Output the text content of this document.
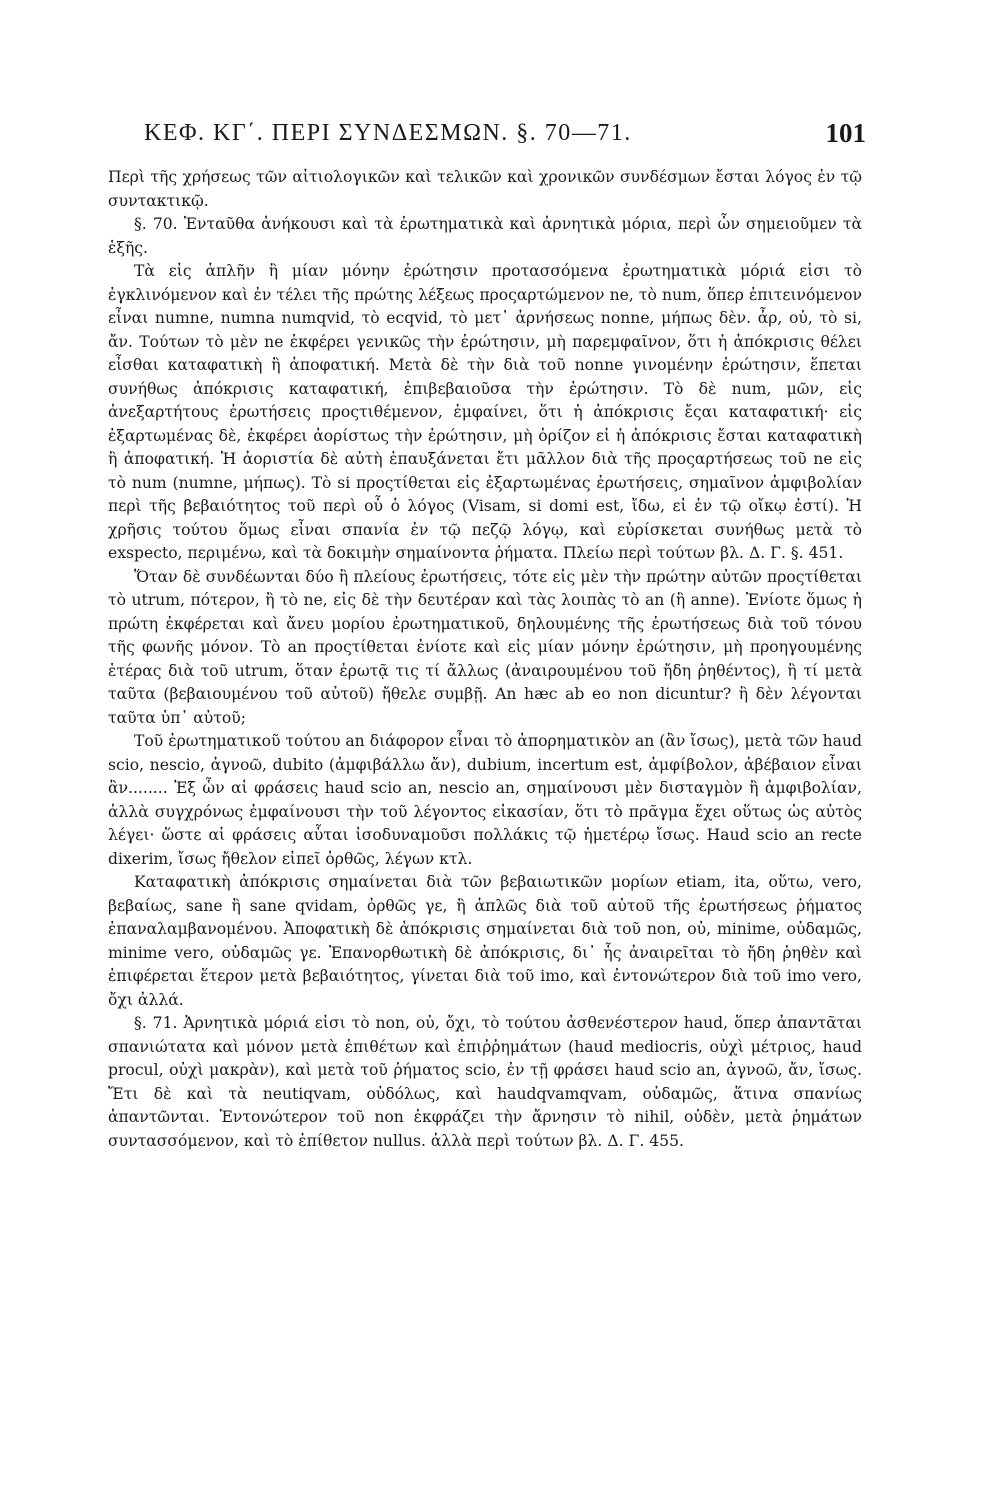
ΚΕΦ. ΚΓ΄. ΠΕΡΙ ΣΥΝΔΕΣΜΩΝ. §. 70—71.	101

Περὶ τῆς χρήσεως τῶν αἰτιολογικῶν καὶ τελικῶν καὶ χρονικῶν συνδέσμων ἔσται λόγος ἐν τῷ συντακτικῷ.

§. 70. Ἐνταῦθα ἀνήκουσι καὶ τὰ ἐρωτηματικὰ καὶ ἀρνητικὰ μόρια, περὶ ὧν σημειοῦμεν τὰ ἑξῆς.

Τὰ εἰς ἁπλῆν ἢ μίαν μόνην ἐρώτησιν προτασσόμενα ἐρωτηματικὰ μόριά εἰσι τὸ ἐγκλινόμενον καὶ ἐν τέλει τῆς πρώτης λέξεως προςαρτώμενον ne, τὸ num, ὅπερ ἐπιτεινόμενον εἶναι numne, numna numqvid, τὸ ecqvid, τὸ μετ᾽ ἀρνήσεως nonne, μήπως δὲν. ἆρ, οὐ, τὸ si, ἄν. Τούτων τὸ μὲν ne ἐκφέρει γενικῶς τὴν ἐρώτησιν, μὴ παρεμφαῖνον, ὅτι ἡ ἀπόκρισις θέλει εἶσθαι καταφατικὴ ἢ ἀποφατική. Μετὰ δὲ τὴν διὰ τοῦ nonne γινομένην ἐρώτησιν, ἕπεται συνήθως ἀπόκρισις καταφατική, ἐπιβεβαιοῦσα τὴν ἐρώτησιν. Τὸ δὲ num, μῶν, εἰς ἀνεξαρτήτους ἐρωτήσεις προςτιθέμενον, ἐμφαίνει, ὅτι ἡ ἀπόκρισις ἔςαι καταφατική· εἰς ἐξαρτωμένας δὲ, ἐκφέρει ἀορίστως τὴν ἐρώτησιν, μὴ ὁρίζον εἰ ἡ ἀπόκρισις ἔσται καταφατικὴ ἢ ἀποφατική. Ἡ ἀοριστία δὲ αὐτὴ ἐπαυξάνεται ἔτι μᾶλλον διὰ τῆς προςαρτήσεως τοῦ ne εἰς τὸ num (numne, μήπως). Τὸ si προςτίθεται εἰς ἐξαρτωμένας ἐρωτήσεις, σημαῖνον ἀμφιβολίαν περὶ τῆς βεβαιότητος τοῦ περὶ οὗ ὁ λόγος (Visam, si domi est, ἴδω, εἰ ἐν τῷ οἴκῳ ἐστί). Ἡ χρῆσις τούτου ὅμως εἶναι σπανία ἐν τῷ πεζῷ λόγῳ, καὶ εὑρίσκεται συνήθως μετὰ τὸ exspecto, περιμένω, καὶ τὰ δοκιμὴν σημαίνοντα ῥήματα. Πλείω περὶ τούτων βλ. Δ. Γ. §. 451.

Ὅταν δὲ συνδέωνται δύο ἢ πλείους ἐρωτήσεις, τότε εἰς μὲν τὴν πρώτην αὐτῶν προςτίθεται τὸ utrum, πότερον, ἢ τὸ ne, εἰς δὲ τὴν δευτέραν καὶ τὰς λοιπὰς τὸ an (ἢ anne). Ἐνίοτε ὅμως ἡ πρώτη ἐκφέρεται καὶ ἄνευ μορίου ἐρωτηματικοῦ, δηλουμένης τῆς ἐρωτήσεως διὰ τοῦ τόνου τῆς φωνῆς μόνον. Τὸ an προςτίθεται ἐνίοτε καὶ εἰς μίαν μόνην ἐρώτησιν, μὴ προηγουμένης ἑτέρας διὰ τοῦ utrum, ὅταν ἐρωτᾷ τις τί ἄλλως (ἀναιρουμένου τοῦ ἤδη ῥηθέντος), ἢ τί μετὰ ταῦτα (βεβαιουμένου τοῦ αὐτοῦ) ἤθελε συμβῇ. An hæc ab eo non dicuntur? ἢ δὲν λέγονται ταῦτα ὑπ᾽ αὐτοῦ;

Τοῦ ἐρωτηματικοῦ τούτου an διάφορον εἶναι τὸ ἀπορηματικὸν an (ἂν ἴσως), μετὰ τῶν haud scio, nescio, ἀγνοῶ, dubito (ἀμφιβάλλω ἄν), dubium, incertum est, ἀμφίβολον, ἀβέβαιον εἶναι ἂν........ Ἐξ ὧν αἱ φράσεις haud scio an, nescio an, σημαίνουσι μὲν δισταγμὸν ἢ ἀμφιβολίαν, ἀλλὰ συγχρόνως ἐμφαίνουσι τὴν τοῦ λέγοντος εἰκασίαν, ὅτι τὸ πρᾶγμα ἔχει οὕτως ὡς αὐτὸς λέγει· ὥστε αἱ φράσεις αὗται ἰσοδυναμοῦσι πολλάκις τῷ ἡμετέρῳ ἴσως. Haud scio an recte dixerim, ἴσως ἤθελον εἰπεῖ ὀρθῶς, λέγων κτλ.

Καταφατικὴ ἀπόκρισις σημαίνεται διὰ τῶν βεβαιωτικῶν μορίων etiam, ita, οὕτω, vero, βεβαίως, sane ἢ sane qvidam, ὀρθῶς γε, ἢ ἁπλῶς διὰ τοῦ αὐτοῦ τῆς ἐρωτήσεως ῥήματος ἐπαναλαμβανομένου. Ἀποφατικὴ δὲ ἀπόκρισις σημαίνεται διὰ τοῦ non, οὐ, minime, οὐδαμῶς, minime vero, οὐδαμῶς γε. Ἐπανορθωτικὴ δὲ ἀπόκρισις, δι᾽ ἧς ἀναιρεῖται τὸ ἤδη ῥηθὲν καὶ ἐπιφέρεται ἕτερον μετὰ βεβαιότητος, γίνεται διὰ τοῦ imo, καὶ ἐντονώτερον διὰ τοῦ imo vero, ὄχι ἀλλά.

§. 71. Ἀρνητικὰ μόριά εἰσι τὸ non, οὐ, ὄχι, τὸ τούτου ἀσθενέστερον haud, ὅπερ ἀπαντᾶται σπανιώτατα καὶ μόνον μετὰ ἐπιθέτων καὶ ἐπιῤῥημάτων (haud mediocris, οὐχὶ μέτριος, haud procul, οὐχὶ μακρὰν), καὶ μετὰ τοῦ ῥήματος scio, ἐν τῇ φράσει haud scio an, ἀγνοῶ, ἄν, ἴσως. Ἔτι δὲ καὶ τὰ neutiqvam, οὐδόλως, καὶ haudqvamqvam, οὐδαμῶς, ἅτινα σπανίως ἀπαντῶνται. Ἐντονώτερον τοῦ non ἐκφράζει τὴν ἄρνησιν τὸ nihil, οὐδὲν, μετὰ ῥημάτων συντασσόμενον, καὶ τὸ ἐπίθετον nullus. ἀλλὰ περὶ τούτων βλ. Δ. Γ. 455.
